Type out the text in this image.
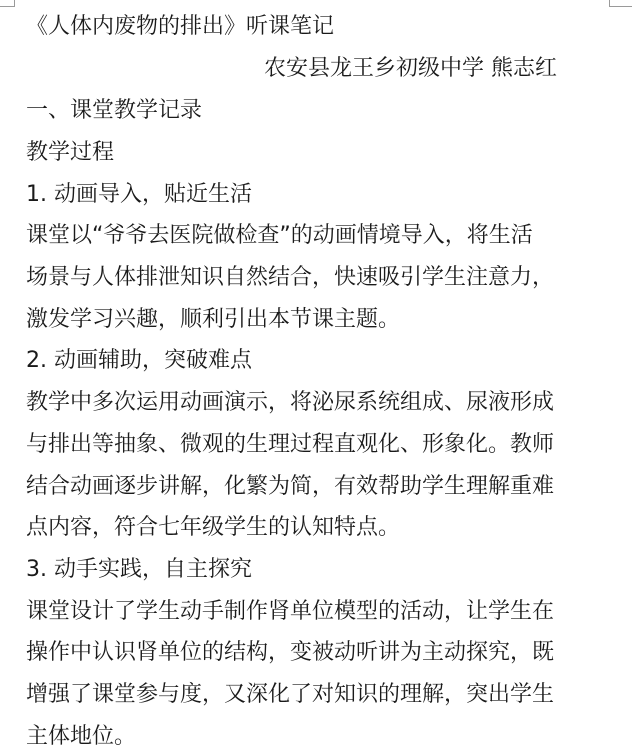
《人体内废物的排出》听课笔记
农安县龙王乡初级中学 熊志红
一、课堂教学记录
教学过程
1. 动画导入，贴近生活
课堂以“爷爷去医院做检查”的动画情境导入，将生活
场景与人体排泄知识自然结合，快速吸引学生注意力，
激发学习兴趣，顺利引出本节课主题。
2. 动画辅助，突破难点
教学中多次运用动画演示，将泌尿系统组成、尿液形成
与排出等抽象、微观的生理过程直观化、形象化。教师
结合动画逐步讲解，化繁为简，有效帮助学生理解重难
点内容，符合七年级学生的认知特点。
3. 动手实践，自主探究
课堂设计了学生动手制作肾单位模型的活动，让学生在
操作中认识肾单位的结构，变被动听讲为主动探究，既
增强了课堂参与度，又深化了对知识的理解，突出学生
主体地位。
